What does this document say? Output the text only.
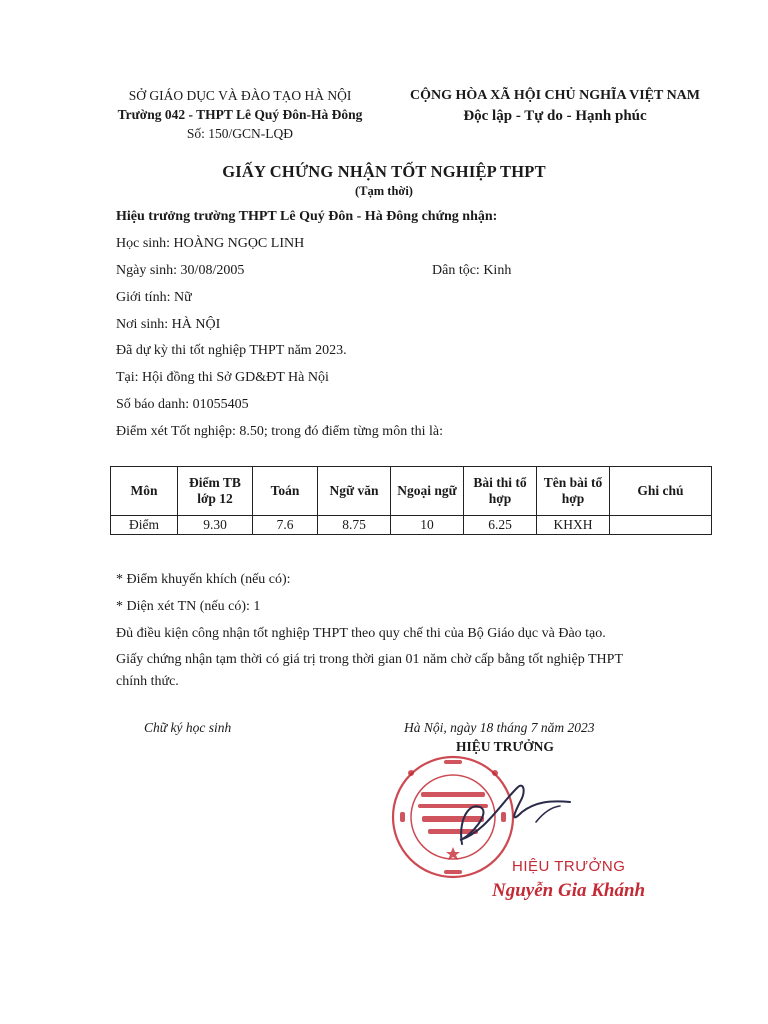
SỞ GIÁO DỤC VÀ ĐÀO TẠO HÀ NỘI
Trường 042 - THPT Lê Quý Đôn-Hà Đông
Số: 150/GCN-LQĐ
CỘNG HÒA XÃ HỘI CHỦ NGHĨA VIỆT NAM
Độc lập - Tự do - Hạnh phúc
GIẤY CHỨNG NHẬN TỐT NGHIỆP THPT
(Tạm thời)
Hiệu trưởng trường THPT Lê Quý Đôn - Hà Đông chứng nhận:
Học sinh: HOÀNG NGỌC LINH
Ngày sinh: 30/08/2005	Dân tộc: Kinh
Giới tính: Nữ
Nơi sinh: HÀ NỘI
Đã dự kỳ thi tốt nghiệp THPT năm 2023.
Tại: Hội đồng thi Sở GD&ĐT Hà Nội
Số báo danh: 01055405
Điểm xét Tốt nghiệp: 8.50; trong đó điểm từng môn thi là:
Môn	Điểm TB lớp 12	Toán	Ngữ văn	Ngoại ngữ	Bài thi tổ hợp	Tên bài tổ hợp	Ghi chú
Điểm	9.30	7.6	8.75	10	6.25	KHXH	
* Điểm khuyến khích (nếu có):
* Diện xét TN (nếu có): 1
Đủ điều kiện công nhận tốt nghiệp THPT theo quy chế thi của Bộ Giáo dục và Đào tạo.
Giấy chứng nhận tạm thời có giá trị trong thời gian 01 năm chờ cấp bằng tốt nghiệp THPT
chính thức.
Chữ ký học sinh	Hà Nội, ngày 18 tháng 7 năm 2023
HIỆU TRƯỞNG
HIỆU TRƯỞNG
Nguyễn Gia Khánh
